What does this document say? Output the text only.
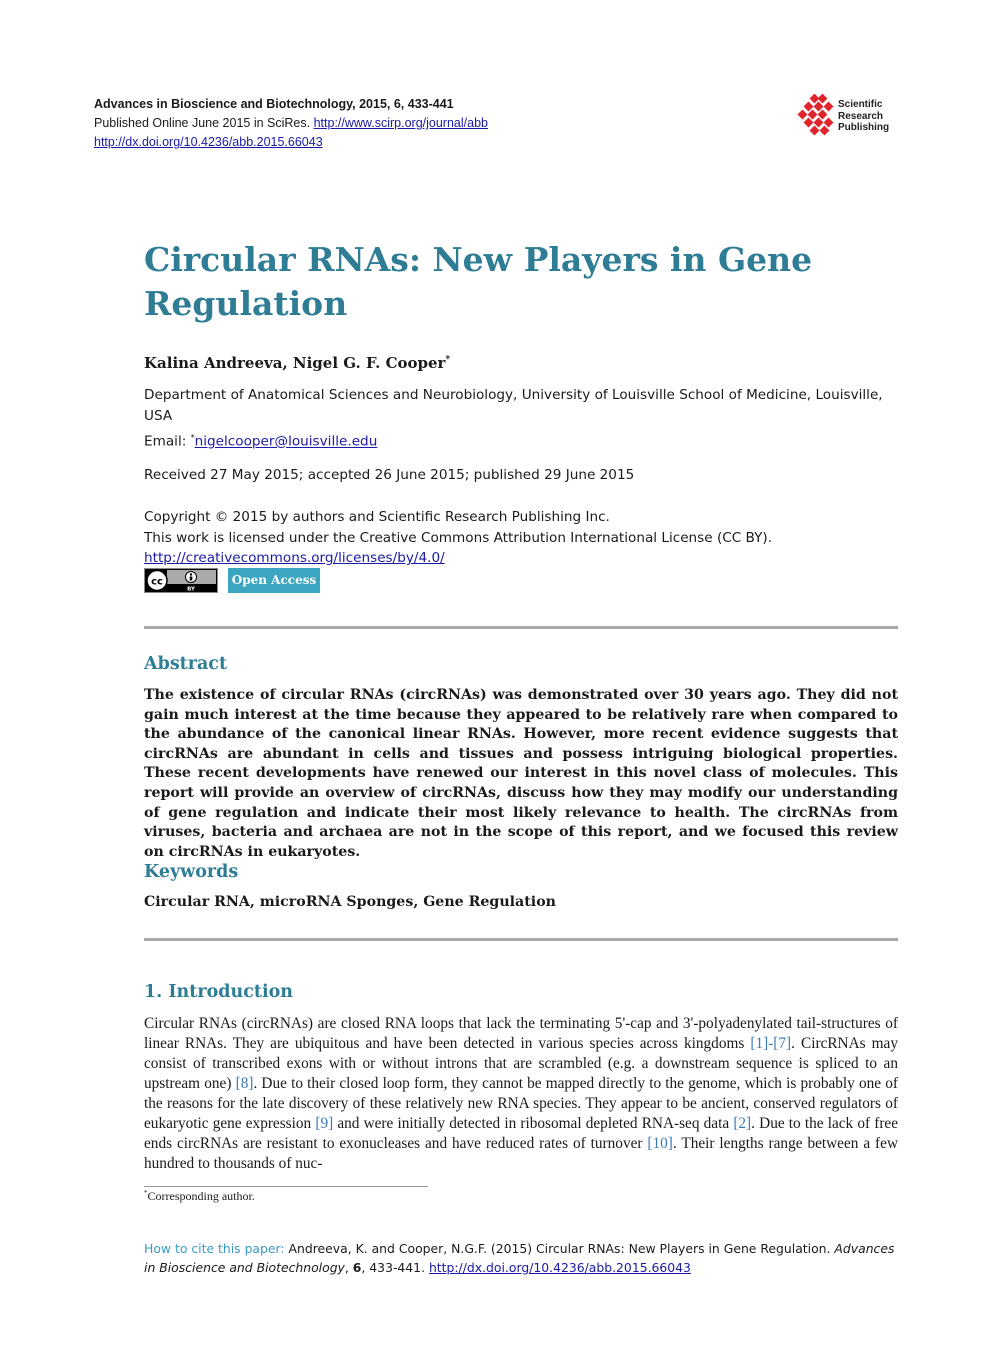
Advances in Bioscience and Biotechnology, 2015, 6, 433-441
Published Online June 2015 in SciRes. http://www.scirp.org/journal/abb
http://dx.doi.org/10.4236/abb.2015.66043
Scientific
Research
Publishing
Circular RNAs: New Players in Gene Regulation
Kalina Andreeva, Nigel G. F. Cooper*
Department of Anatomical Sciences and Neurobiology, University of Louisville School of Medicine, Louisville, USA
Email: *nigelcooper@louisville.edu
Received 27 May 2015; accepted 26 June 2015; published 29 June 2015
Copyright © 2015 by authors and Scientific Research Publishing Inc.
This work is licensed under the Creative Commons Attribution International License (CC BY).
http://creativecommons.org/licenses/by/4.0/
cc
BY
Open Access
Abstract

The existence of circular RNAs (circRNAs) was demonstrated over 30 years ago. They did not gain much interest at the time because they appeared to be relatively rare when compared to the abundance of the canonical linear RNAs. However, more recent evidence suggests that circRNAs are abundant in cells and tissues and possess intriguing biological properties. These recent developments have renewed our interest in this novel class of molecules. This report will provide an overview of circRNAs, discuss how they may modify our understanding of gene regulation and indicate their most likely relevance to health. The circRNAs from viruses, bacteria and archaea are not in the scope of this report, and we focused this review on circRNAs in eukaryotes.

Keywords
Circular RNA, microRNA Sponges, Gene Regulation
1. Introduction

Circular RNAs (circRNAs) are closed RNA loops that lack the terminating 5'-cap and 3'-polyadenylated tail-structures of linear RNAs. They are ubiquitous and have been detected in various species across kingdoms [1]-[7]. CircRNAs may consist of transcribed exons with or without introns that are scrambled (e.g. a downstream sequence is spliced to an upstream one) [8]. Due to their closed loop form, they cannot be mapped directly to the genome, which is probably one of the reasons for the late discovery of these relatively new RNA species. They appear to be ancient, conserved regulators of eukaryotic gene expression [9] and were initially detected in ribosomal depleted RNA-seq data [2]. Due to the lack of free ends circRNAs are resistant to exonucleases and have reduced rates of turnover [10]. Their lengths range between a few hundred to thousands of nuc-

*Corresponding author.
How to cite this paper: Andreeva, K. and Cooper, N.G.F. (2015) Circular RNAs: New Players in Gene Regulation. Advances in Bioscience and Biotechnology, 6, 433-441. http://dx.doi.org/10.4236/abb.2015.66043
